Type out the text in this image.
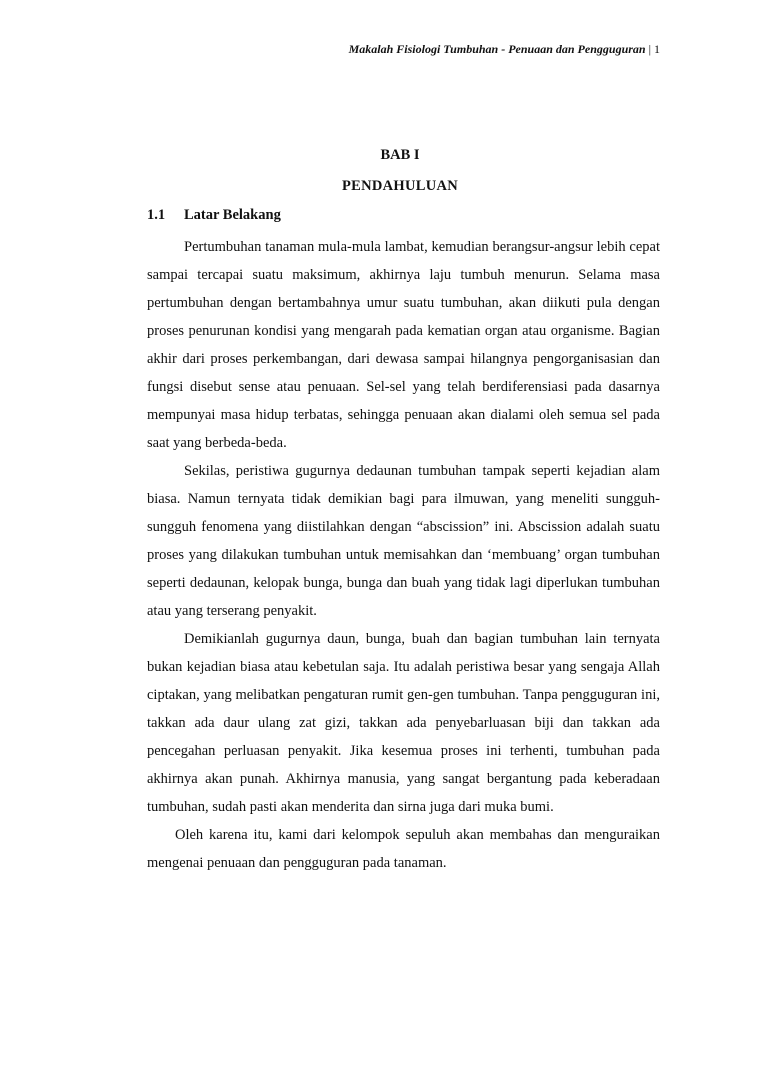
Makalah Fisiologi Tumbuhan - Penuaan dan Pengguguran | 1
BAB I
PENDAHULUAN
1.1 Latar Belakang

Pertumbuhan tanaman mula-mula lambat, kemudian berangsur-angsur lebih cepat sampai tercapai suatu maksimum, akhirnya laju tumbuh menurun. Selama masa pertumbuhan dengan bertambahnya umur suatu tumbuhan, akan diikuti pula dengan proses penurunan kondisi yang mengarah pada kematian organ atau organisme. Bagian akhir dari proses perkembangan, dari dewasa sampai hilangnya pengorganisasian dan fungsi disebut sense atau penuaan. Sel-sel yang telah berdiferensiasi pada dasarnya mempunyai masa hidup terbatas, sehingga penuaan akan dialami oleh semua sel pada saat yang berbeda-beda.

Sekilas, peristiwa gugurnya dedaunan tumbuhan tampak seperti kejadian alam biasa. Namun ternyata tidak demikian bagi para ilmuwan, yang meneliti sungguh-sungguh fenomena yang diistilahkan dengan “abscission” ini. Abscission adalah suatu proses yang dilakukan tumbuhan untuk memisahkan dan ‘membuang’ organ tumbuhan seperti dedaunan, kelopak bunga, bunga dan buah yang tidak lagi diperlukan tumbuhan atau yang terserang penyakit.

Demikianlah gugurnya daun, bunga, buah dan bagian tumbuhan lain ternyata bukan kejadian biasa atau kebetulan saja. Itu adalah peristiwa besar yang sengaja Allah ciptakan, yang melibatkan pengaturan rumit gen-gen tumbuhan. Tanpa pengguguran ini, takkan ada daur ulang zat gizi, takkan ada penyebarluasan biji dan takkan ada pencegahan perluasan penyakit. Jika kesemua proses ini terhenti, tumbuhan pada akhirnya akan punah. Akhirnya manusia, yang sangat bergantung pada keberadaan tumbuhan, sudah pasti akan menderita dan sirna juga dari muka bumi.

Oleh karena itu, kami dari kelompok sepuluh akan membahas dan menguraikan mengenai penuaan dan pengguguran pada tanaman.
